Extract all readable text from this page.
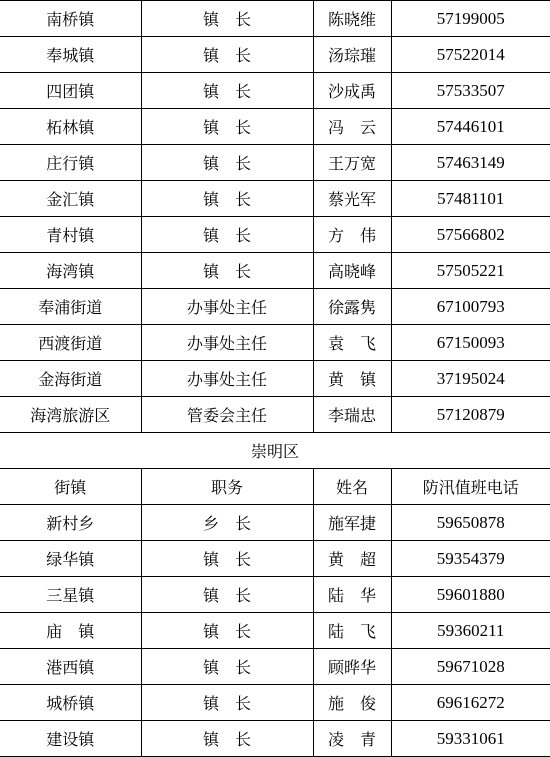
南桥镇	镇　长	陈晓维	57199005
奉城镇	镇　长	汤琮璀	57522014
四团镇	镇　长	沙成禹	57533507
柘林镇	镇　长	冯　云	57446101
庄行镇	镇　长	王万宽	57463149
金汇镇	镇　长	蔡光军	57481101
青村镇	镇　长	方　伟	57566802
海湾镇	镇　长	高晓峰	57505221
奉浦街道	办事处主任	徐露隽	67100793
西渡街道	办事处主任	袁　飞	67150093
金海街道	办事处主任	黄　镇	37195024
海湾旅游区	管委会主任	李瑞忠	57120879
崇明区			
街镇	职务	姓名	防汛值班电话
新村乡	乡　长	施军捷	59650878
绿华镇	镇　长	黄　超	59354379
三星镇	镇　长	陆　华	59601880
庙　镇	镇　长	陆　飞	59360211
港西镇	镇　长	顾晔华	59671028
城桥镇	镇　长	施　俊	69616272
建设镇	镇　长	凌　青	59331061
